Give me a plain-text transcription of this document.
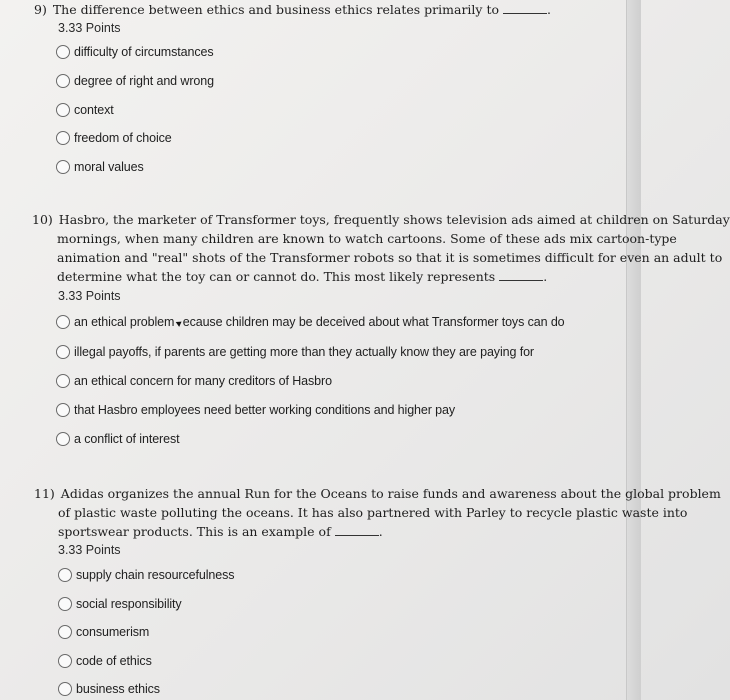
9) The difference between ethics and business ethics relates primarily to	.
3.33 Points
difficulty of circumstances
degree of right and wrong
context
freedom of choice
moral values
10) Hasbro, the marketer of Transformer toys, frequently shows television ads aimed at children on Saturday
mornings, when many children are known to watch cartoons. Some of these ads mix cartoon-type
animation and "real" shots of the Transformer robots so that it is sometimes difficult for even an adult to
determine what the toy can or cannot do. This most likely represents	.
3.33 Points
an ethical problem ecause children may be deceived about what Transformer toys can do
illegal payoffs, if parents are getting more than they actually know they are paying for
an ethical concern for many creditors of Hasbro
that Hasbro employees need better working conditions and higher pay
a conflict of interest
11) Adidas organizes the annual Run for the Oceans to raise funds and awareness about the global problem
of plastic waste polluting the oceans. It has also partnered with Parley to recycle plastic waste into
sportswear products. This is an example of	.
3.33 Points
supply chain resourcefulness
social responsibility
consumerism
code of ethics
business ethics
